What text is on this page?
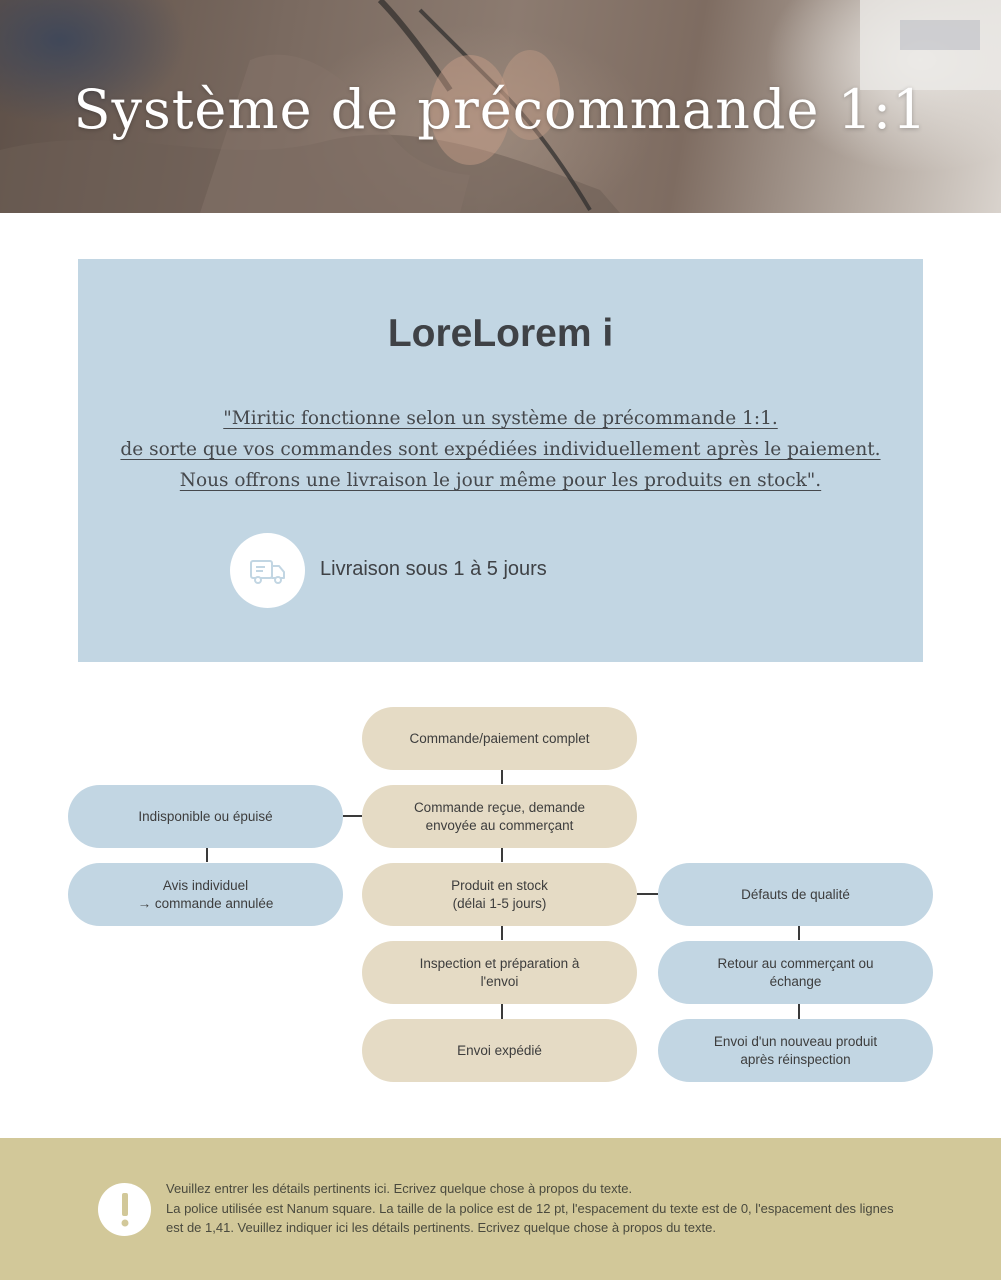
Système de précommande 1:1
LoreLorem i
"Miritic fonctionne selon un système de précommande 1:1.
de sorte que vos commandes sont expédiées individuellement après le paiement.
Nous offrons une livraison le jour même pour les produits en stock".
Livraison sous 1 à 5 jours
Commande/paiement complet
Commande reçue, demande
envoyée au commerçant
Produit en stock
(délai 1-5 jours)
Inspection et préparation à
l'envoi
Envoi expédié
Indisponible ou épuisé
Avis individuel
→ commande annulée
Défauts de qualité
Retour au commerçant ou
échange
Envoi d'un nouveau produit
après réinspection
Veuillez entrer les détails pertinents ici. Ecrivez quelque chose à propos du texte.
La police utilisée est Nanum square. La taille de la police est de 12 pt, l'espacement du texte est de 0, l'espacement des lignes est de 1,41. Veuillez indiquer ici les détails pertinents. Ecrivez quelque chose à propos du texte.
